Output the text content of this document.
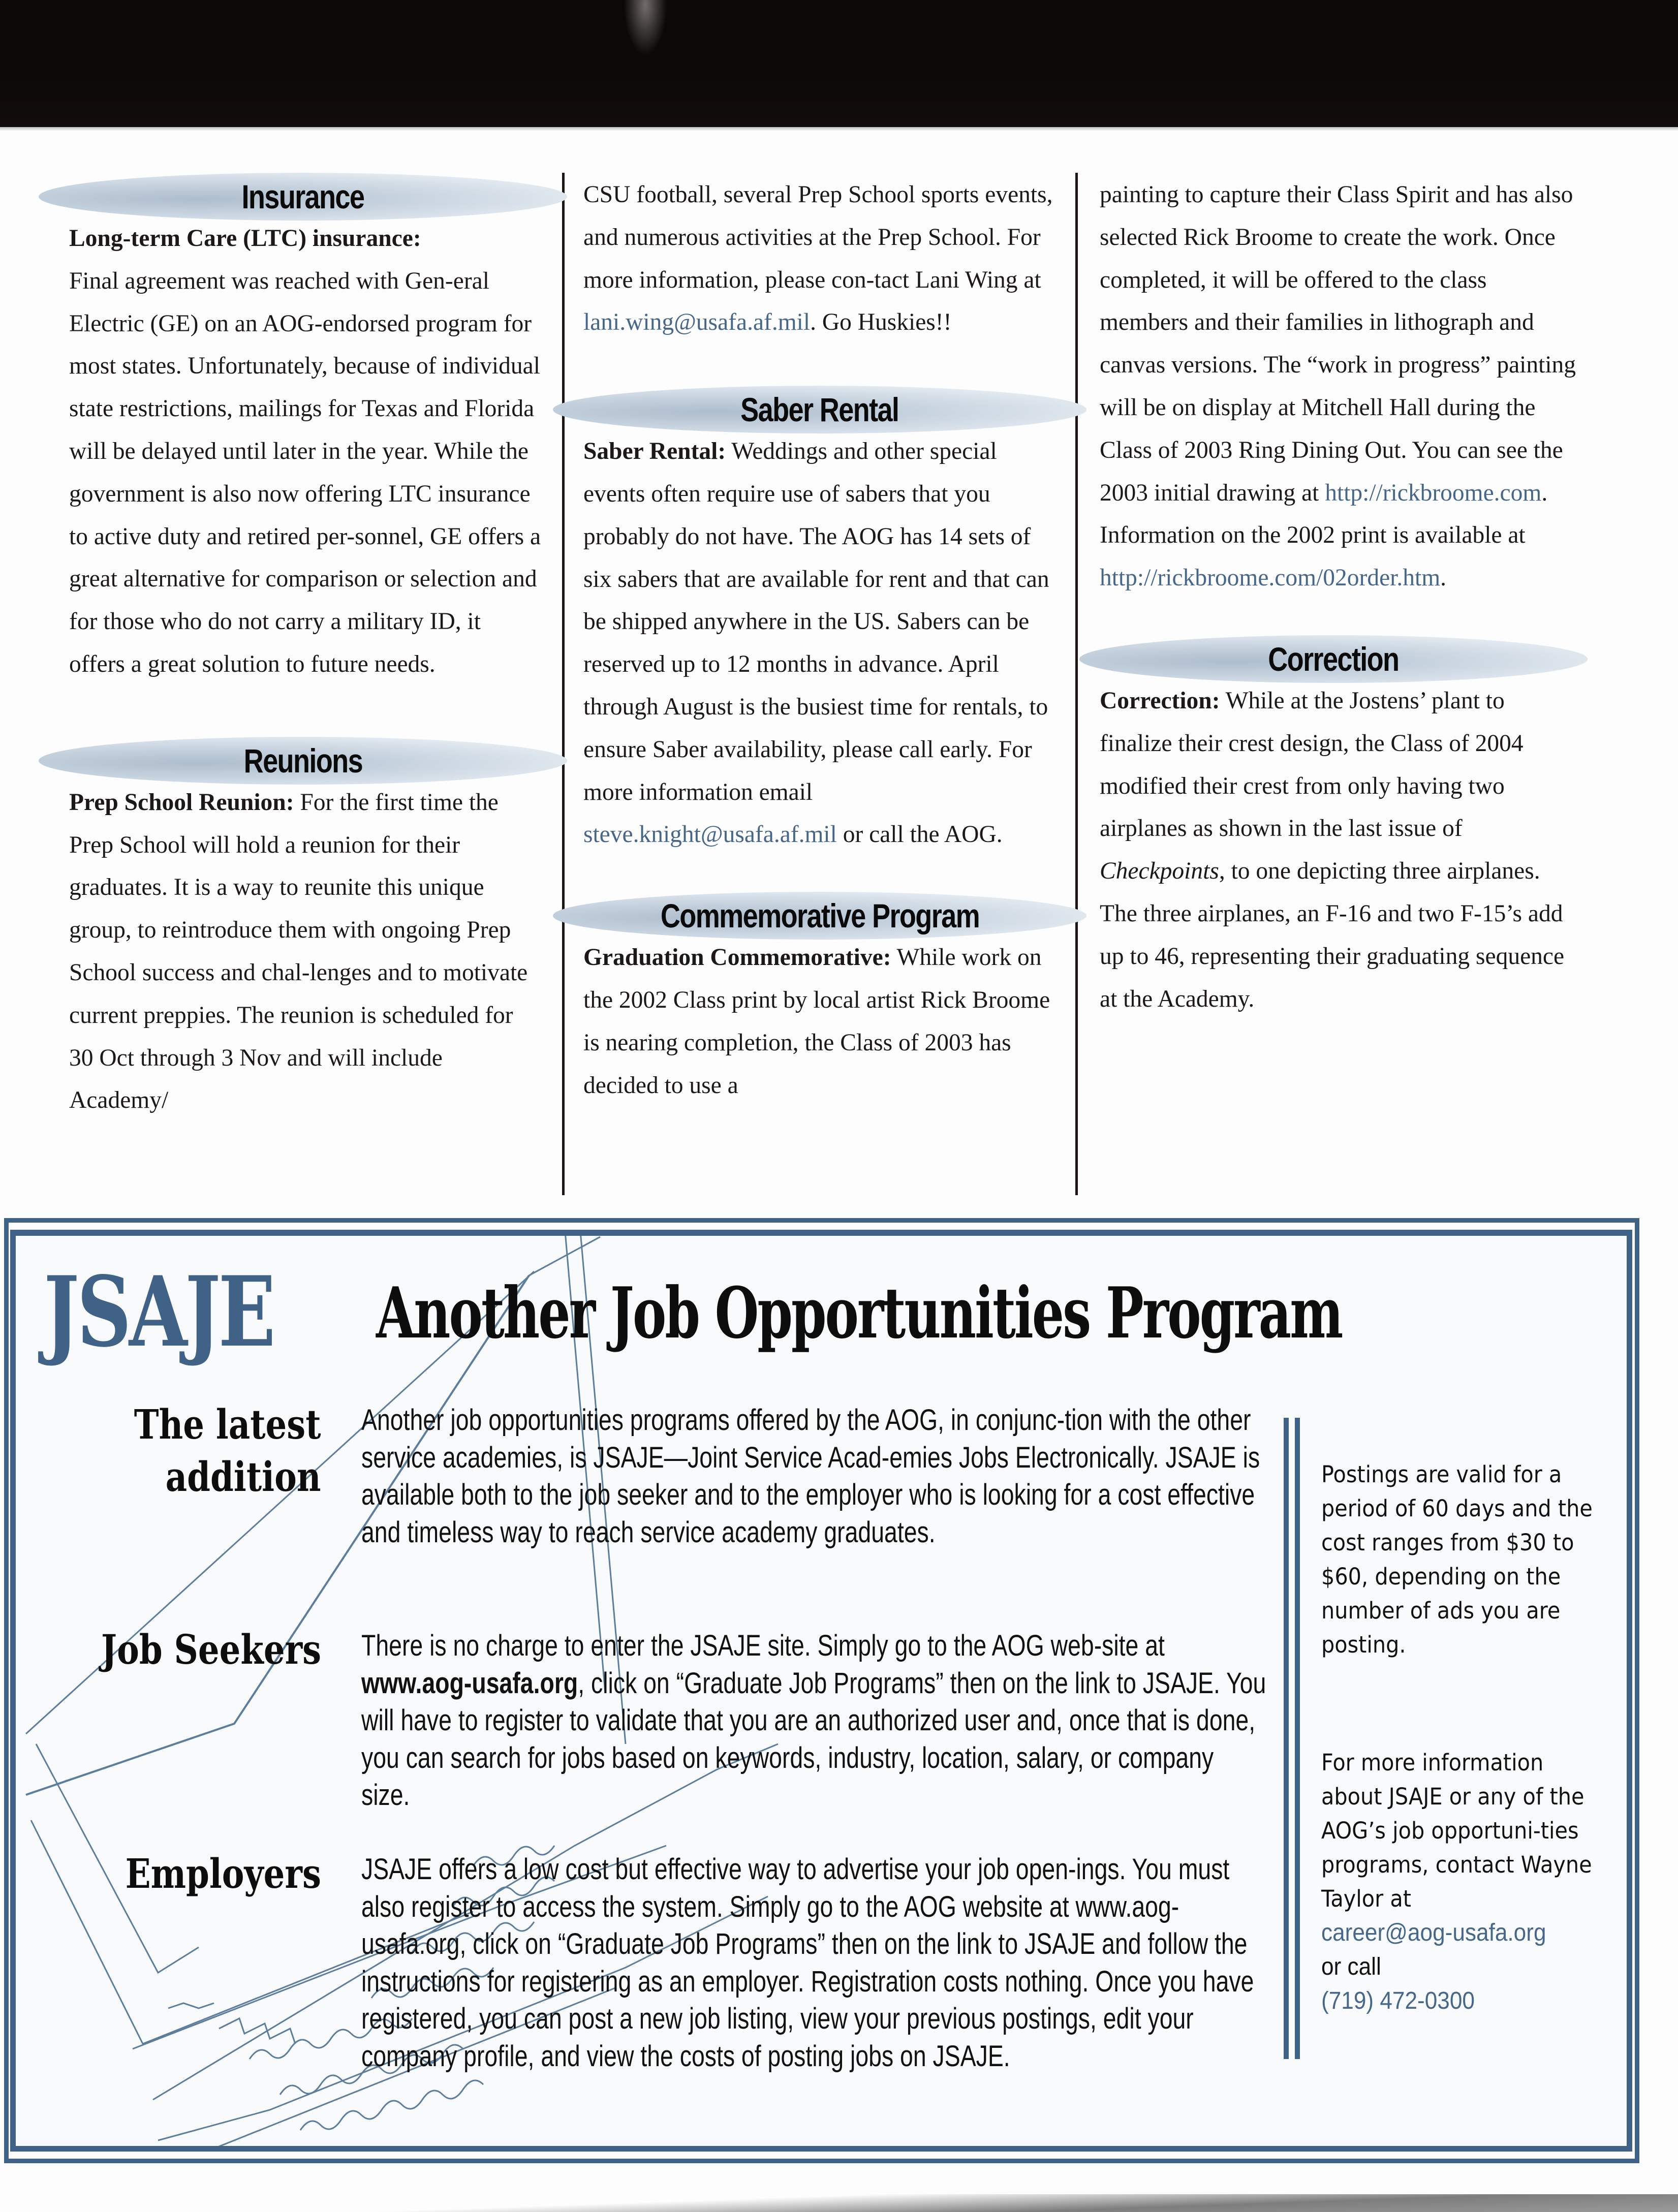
Insurance

Long-term Care (LTC) insurance:
Final agreement was reached with Gen-eral Electric (GE) on an AOG-endorsed program for most states. Unfortunately, because of individual state restrictions, mailings for Texas and Florida will be delayed until later in the year. While the government is also now offering LTC insurance to active duty and retired per-sonnel, GE offers a great alternative for comparison or selection and for those who do not carry a military ID, it offers a great solution to future needs.

Reunions

Prep School Reunion: For the first time the Prep School will hold a reunion for their graduates. It is a way to reunite this unique group, to reintroduce them with ongoing Prep School success and chal-lenges and to motivate current preppies. The reunion is scheduled for 30 Oct through 3 Nov and will include Academy/

CSU football, several Prep School sports events, and numerous activities at the Prep School. For more information, please con-tact Lani Wing at lani.wing@usafa.af.mil. Go Huskies!!

Saber Rental

Saber Rental: Weddings and other special events often require use of sabers that you probably do not have. The AOG has 14 sets of six sabers that are available for rent and that can be shipped anywhere in the US. Sabers can be reserved up to 12 months in advance. April through August is the busiest time for rentals, to ensure Saber availability, please call early. For more information email steve.knight@usafa.af.mil or call the AOG.

Commemorative Program

Graduation Commemorative: While work on the 2002 Class print by local artist Rick Broome is nearing completion, the Class of 2003 has decided to use a

painting to capture their Class Spirit and has also selected Rick Broome to create the work. Once completed, it will be offered to the class members and their families in lithograph and canvas versions. The “work in progress” painting will be on display at Mitchell Hall during the Class of 2003 Ring Dining Out. You can see the 2003 initial drawing at http://rickbroome.com. Information on the 2002 print is available at http://rickbroome.com/02order.htm.

Correction

Correction: While at the Jostens’ plant to finalize their crest design, the Class of 2004 modified their crest from only having two airplanes as shown in the last issue of Checkpoints, to one depicting three airplanes. The three airplanes, an F-16 and two F-15’s add up to 46, representing their graduating sequence at the Academy.

JSAJE Another Job Opportunities Program
The latest
addition
Job Seekers
Employers

Another job opportunities programs offered by the AOG, in conjunc-tion with the other service academies, is JSAJE—Joint Service Acad-emies Jobs Electronically. JSAJE is available both to the job seeker and to the employer who is looking for a cost effective and timeless way to reach service academy graduates.

There is no charge to enter the JSAJE site. Simply go to the AOG web-site at www.aog-usafa.org, click on “Graduate Job Programs” then on the link to JSAJE. You will have to register to validate that you are an authorized user and, once that is done, you can search for jobs based on keywords, industry, location, salary, or company size.

JSAJE offers a low cost but effective way to advertise your job open-ings. You must also register to access the system. Simply go to the AOG website at www.aog-usafa.org, click on “Graduate Job Programs” then on the link to JSAJE and follow the instructions for registering as an employer. Registration costs nothing. Once you have registered, you can post a new job listing, view your previous postings, edit your company profile, and view the costs of posting jobs on JSAJE.

Postings are valid for a period of 60 days and the cost ranges from $30 to $60, depending on the number of ads you are posting.

For more information about JSAJE or any of the AOG’s job opportuni-ties programs, contact Wayne Taylor at
career@aog-usafa.org
or call
(719) 472-0300
